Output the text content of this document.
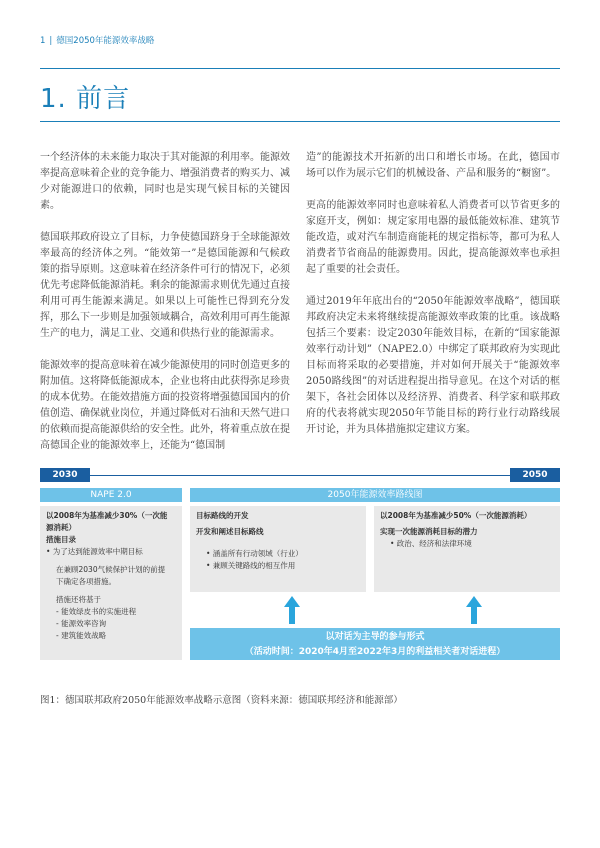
1 | 德国2050年能源效率战略
1. 前言

一个经济体的未来能力取决于其对能源的利用率。能源效率提高意味着企业的竞争能力、增强消费者的购买力、减少对能源进口的依赖，同时也是实现气候目标的关键因素。

德国联邦政府设立了目标，力争使德国跻身于全球能源效率最高的经济体之列。“能效第一”是德国能源和气候政策的指导原则。这意味着在经济条件可行的情况下，必须优先考虑降低能源消耗。剩余的能源需求则优先通过直接利用可再生能源来满足。如果以上可能性已得到充分发挥，那么下一步则是加强领域耦合，高效利用可再生能源生产的电力，满足工业、交通和供热行业的能源需求。

能源效率的提高意味着在减少能源使用的同时创造更多的附加值。这将降低能源成本，企业也将由此获得弥足珍贵的成本优势。在能效措施方面的投资将增强德国国内的价值创造、确保就业岗位，并通过降低对石油和天然气进口的依赖而提高能源供给的安全性。此外，将着重点放在提高德国企业的能源效率上，还能为“德国制

造”的能源技术开拓新的出口和增长市场。在此，德国市场可以作为展示它们的机械设备、产品和服务的“橱窗”。

更高的能源效率同时也意味着私人消费者可以节省更多的家庭开支，例如：规定家用电器的最低能效标准、建筑节能改造，或对汽车制造商能耗的规定指标等，都可为私人消费者节省商品的能源费用。因此，提高能源效率也承担起了重要的社会责任。

通过2019年年底出台的“2050年能源效率战略”，德国联邦政府决定未来将继续提高能源效率政策的比重。该战略包括三个要素：设定2030年能效目标，在新的“国家能源效率行动计划”（NAPE2.0）中绑定了联邦政府为实现此目标而将采取的必要措施，并对如何开展关于“能源效率2050路线图”的对话进程提出指导意见。在这个对话的框架下，各社会团体以及经济界、消费者、科学家和联邦政府的代表将就实现2050年节能目标的跨行业行动路线展开讨论，并为具体措施拟定建议方案。

2030	2050
NAPE 2.0	2050年能源效率路线图
以2008年为基准减少30%（一次能
源消耗）
措施目录
• 为了达到能源效率中期目标
在兼顾2030气候保护计划的前提
下确定各项措施。
措施还将基于
- 能效绿皮书的实施进程
- 能源效率咨询
- 建筑能效战略
目标路线的开发
开发和阐述目标路线
• 涵盖所有行动领域（行业）
• 兼顾关键路线的相互作用
以2008年为基准减少50%（一次能源消耗）
实现一次能源消耗目标的潜力
• 政治、经济和法律环境
以对话为主导的参与形式
（活动时间：2020年4月至2022年3月的利益相关者对话进程）
图1：德国联邦政府2050年能源效率战略示意图（资料来源：德国联邦经济和能源部）
